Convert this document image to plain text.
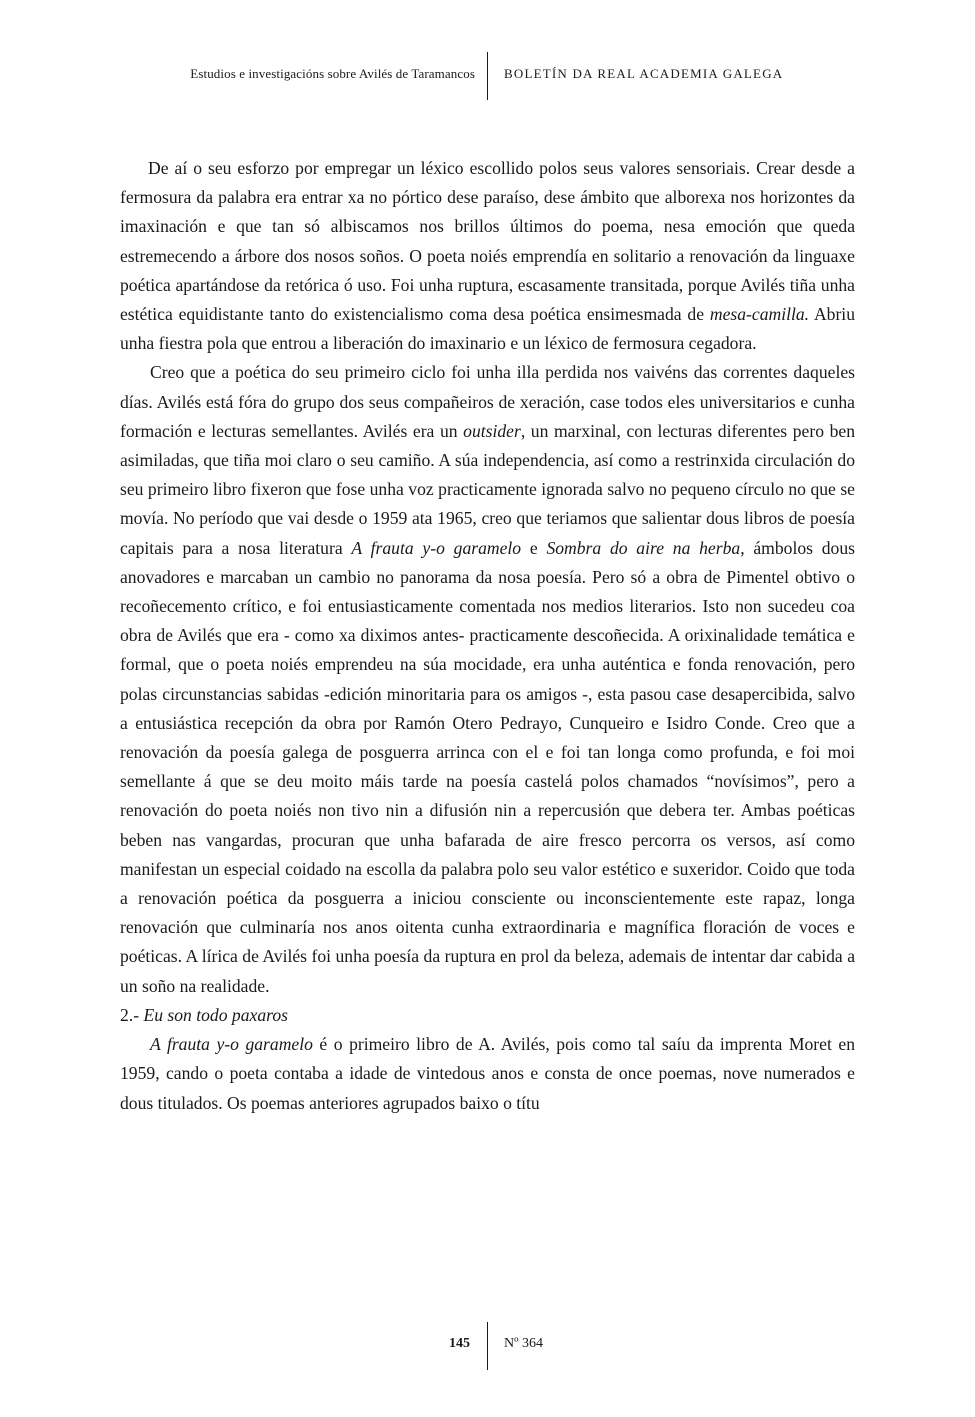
Estudios e investigacións sobre Avilés de Taramancos BOLETÍN DA REAL ACADEMIA GALEGA

De aí o seu esforzo por empregar un léxico escollido polos seus valores sensoriais. Crear desde a fermosura da palabra era entrar xa no pórtico dese paraíso, dese ámbito que alborexa nos horizontes da imaxinación e que tan só albiscamos nos brillos últimos do poema, nesa emoción que queda estremecendo a árbore dos nosos soños. O poeta noiés emprendía en solitario a renovación da linguaxe poética apartándose da retórica ó uso. Foi unha ruptura, escasamente transitada, porque Avilés tiña unha estética equidistante tanto do existencialismo coma desa poética ensimesmada de mesa-camilla. Abriu unha fiestra pola que entrou a liberación do imaxinario e un léxico de fermosura cegadora.

Creo que a poética do seu primeiro ciclo foi unha illa perdida nos vaivéns das correntes daqueles días. Avilés está fóra do grupo dos seus compañeiros de xeración, case todos eles universitarios e cunha formación e lecturas semellantes. Avilés era un outsider, un marxinal, con lecturas diferentes pero ben asimiladas, que tiña moi claro o seu camiño. A súa independencia, así como a restrinxida circulación do seu primeiro libro fixeron que fose unha voz practicamente ignorada salvo no pequeno círculo no que se movía. No período que vai desde o 1959 ata 1965, creo que teriamos que salientar dous libros de poesía capitais para a nosa literatura A frauta y-o garamelo e Sombra do aire na herba, ámbolos dous anovadores e marcaban un cambio no panorama da nosa poesía. Pero só a obra de Pimentel obtivo o recoñecemento crítico, e foi entusiasticamente comentada nos medios literarios. Isto non sucedeu coa obra de Avilés que era - como xa diximos antes- practicamente descoñecida. A orixinalidade temática e formal, que o poeta noiés emprendeu na súa mocidade, era unha auténtica e fonda renovación, pero polas circunstancias sabidas -edición minoritaria para os amigos -, esta pasou case desapercibida, salvo a entusiástica recepción da obra por Ramón Otero Pedrayo, Cunqueiro e Isidro Conde. Creo que a renovación da poesía galega de posguerra arrinca con el e foi tan longa como profunda, e foi moi semellante á que se deu moito máis tarde na poesía castelá polos chamados “novísimos”, pero a renovación do poeta noiés non tivo nin a difusión nin a repercusión que debera ter. Ambas poéticas beben nas vangardas, procuran que unha bafarada de aire fresco percorra os versos, así como manifestan un especial coidado na escolla da palabra polo seu valor estético e suxeridor. Coido que toda a renovación poética da posguerra a iniciou consciente ou inconscientemente este rapaz, longa renovación que culminaría nos anos oitenta cunha extraordinaria e magnífica floración de voces e poéticas. A lírica de Avilés foi unha poesía da ruptura en prol da beleza, ademais de intentar dar cabida a un soño na realidade.

2.- Eu son todo paxaros

A frauta y-o garamelo é o primeiro libro de A. Avilés, pois como tal saíu da imprenta Moret en 1959, cando o poeta contaba a idade de vintedous anos e consta de once poemas, nove numerados e dous titulados. Os poemas anteriores agrupados baixo o títu

145 Nº 364
